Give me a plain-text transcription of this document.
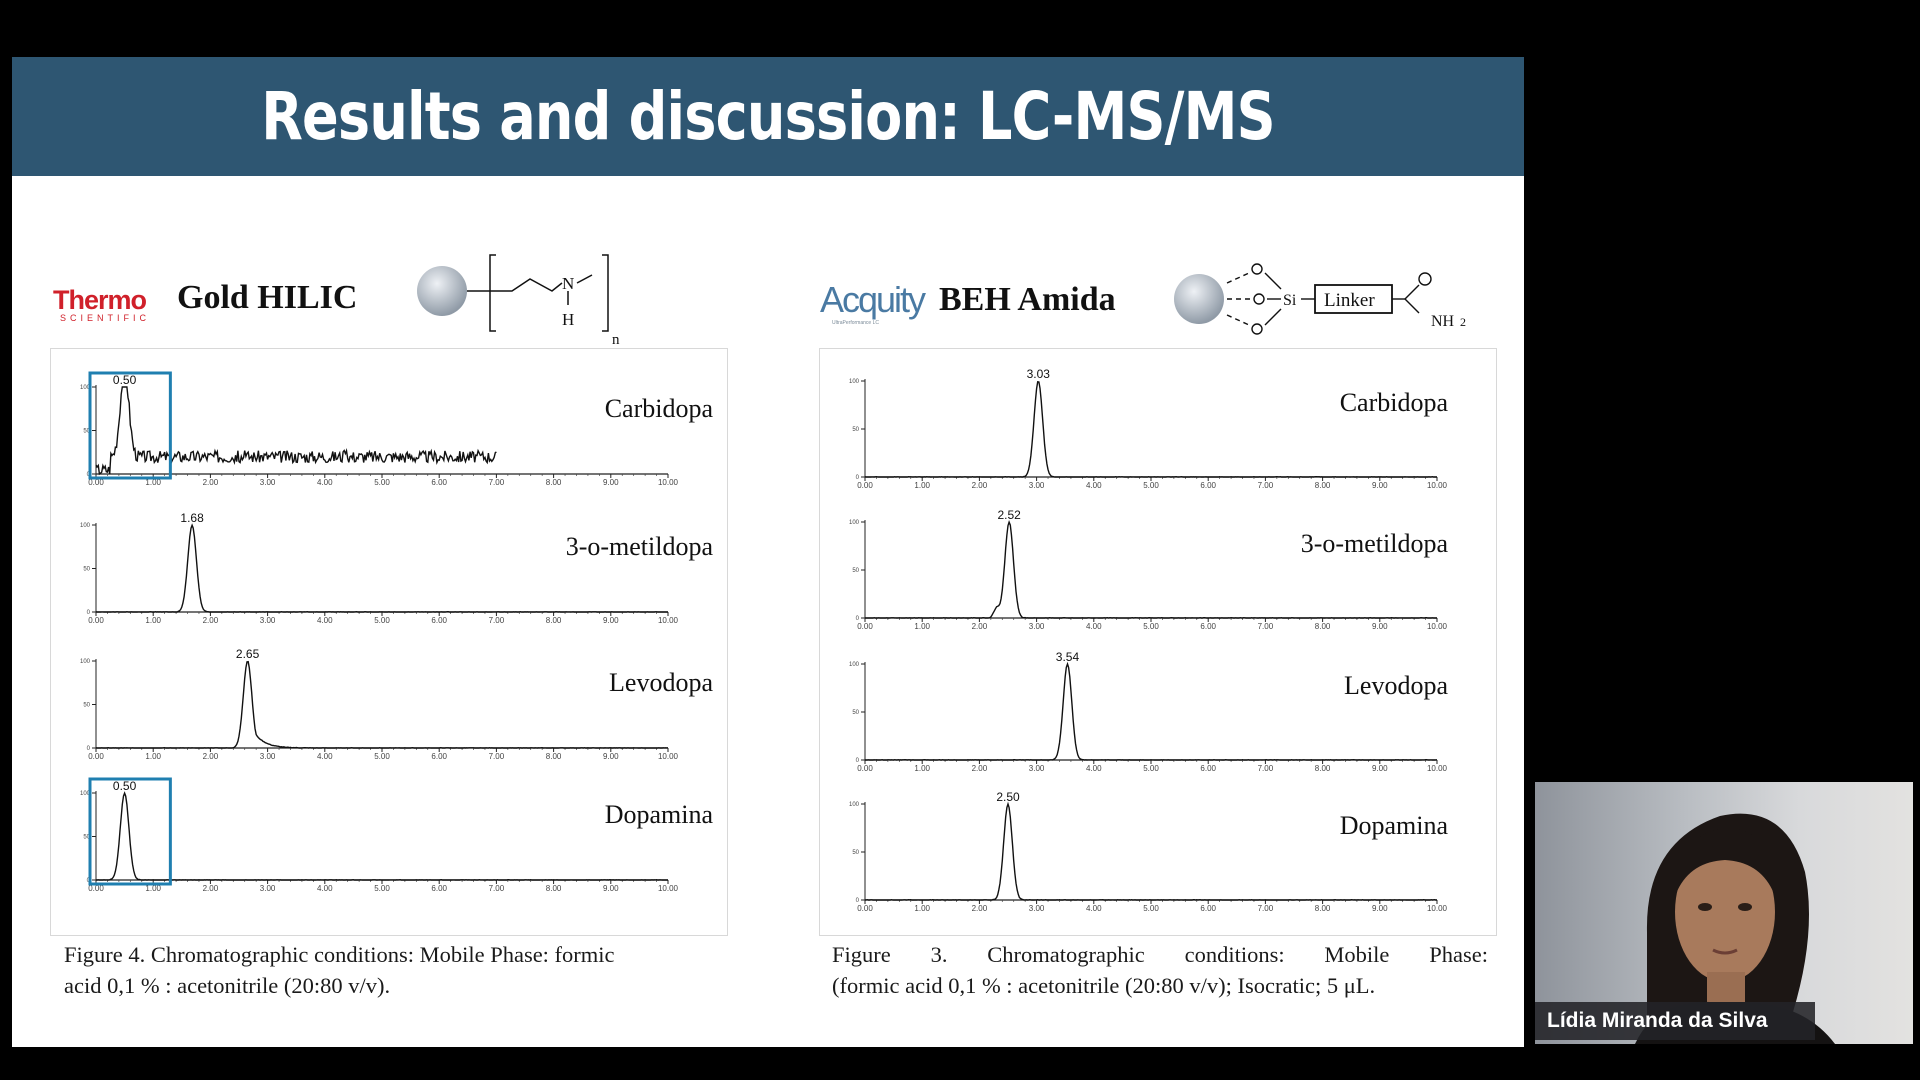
Results and discussion: LC-MS/MS
Thermo
SCIENTIFIC
Gold HILIC	N
H
n
Acquity
UltraPerformance LC
BEH Amida	Si Linker
NH 2
0
50
100
0.00	1.00	2.00	3.00	4.00	5.00	6.00	7.00	8.00	9.00	10.00
0.50
Carbidopa
0
50
100
0.00	1.00	2.00	3.00	4.00	5.00	6.00	7.00	8.00	9.00	10.00
1.68
3-o-metildopa
0
50
100
0.00	1.00	2.00	3.00	4.00	5.00	6.00	7.00	8.00	9.00	10.00
2.65
Levodopa
0
50
100
0.00	1.00	2.00	3.00	4.00	5.00	6.00	7.00	8.00	9.00	10.00
0.50
Dopamina
0
50
100
0.00	1.00	2.00	3.00	4.00	5.00	6.00	7.00	8.00	9.00	10.00
3.03
Carbidopa
0
50
100
0.00	1.00	2.00	3.00	4.00	5.00	6.00	7.00	8.00	9.00	10.00
2.52
3-o-metildopa
0
50
100
0.00	1.00	2.00	3.00	4.00	5.00	6.00	7.00	8.00	9.00	10.00
3.54
Levodopa
0
50
100
0.00	1.00	2.00	3.00	4.00	5.00	6.00	7.00	8.00	9.00	10.00
2.50
Dopamina
Figure 4. Chromatographic conditions: Mobile Phase: formic
acid 0,1 % : acetonitrile (20:80 v/v).
Figure 3. Chromatographic conditions: Mobile Phase:
(formic acid 0,1 % : acetonitrile (20:80 v/v); Isocratic; 5 μL.
Lídia Miranda da Silva
